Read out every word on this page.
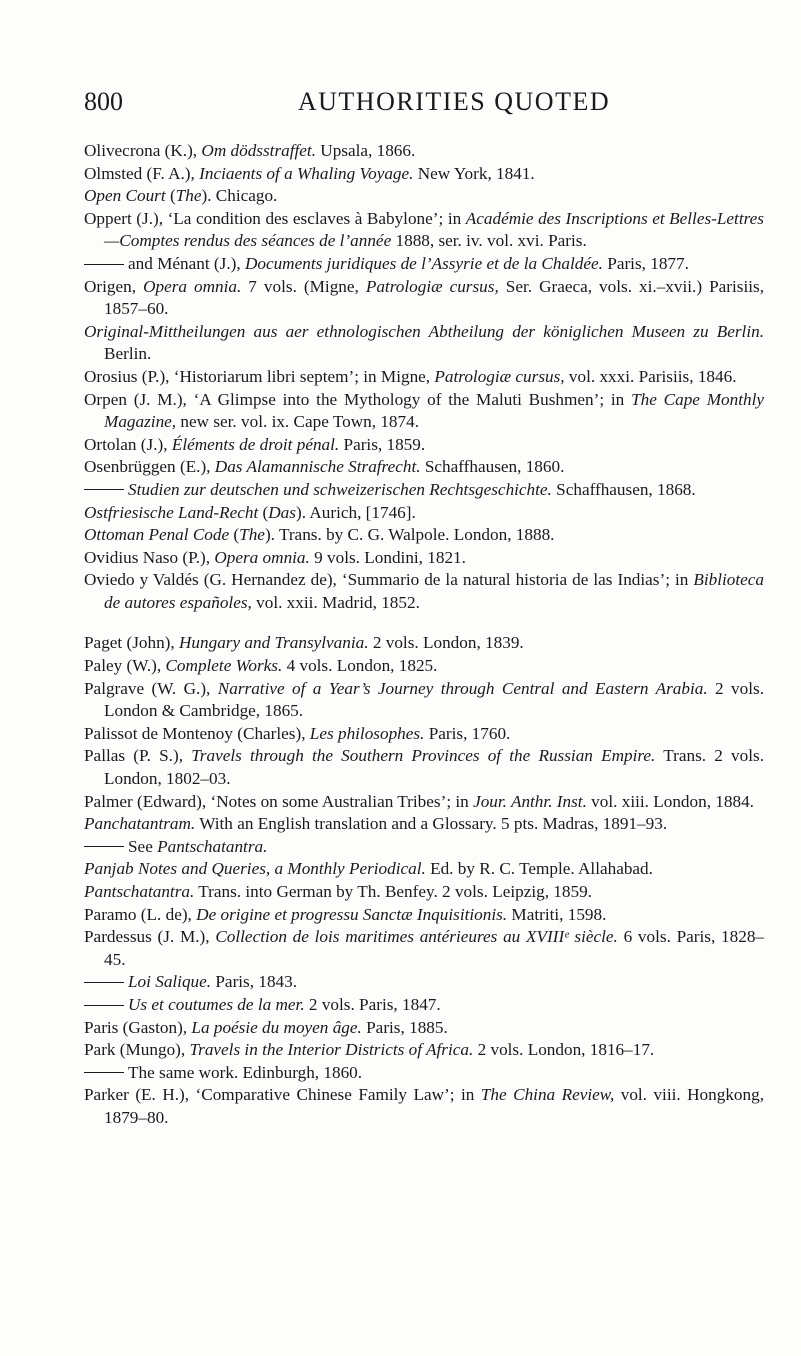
800	AUTHORITIES QUOTED
Olivecrona (K.), Om dödsstraffet. Upsala, 1866.
Olmsted (F. A.), Inciaents of a Whaling Voyage. New York, 1841.
Open Court (The). Chicago.
Oppert (J.), ‘La condition des esclaves à Babylone’; in Académie des Inscriptions et Belles-Lettres—Comptes rendus des séances de l’année 1888, ser. iv. vol. xvi. Paris.
and Ménant (J.), Documents juridiques de l’Assyrie et de la Chaldée. Paris, 1877.
Origen, Opera omnia. 7 vols. (Migne, Patrologiæ cursus, Ser. Graeca, vols. xi.–xvii.) Parisiis, 1857–60.
Original-Mittheilungen aus aer ethnologischen Abtheilung der königlichen Museen zu Berlin. Berlin.
Orosius (P.), ‘Historiarum libri septem’; in Migne, Patrologiæ cursus, vol. xxxi. Parisiis, 1846.
Orpen (J. M.), ‘A Glimpse into the Mythology of the Maluti Bushmen’; in The Cape Monthly Magazine, new ser. vol. ix. Cape Town, 1874.
Ortolan (J.), Éléments de droit pénal. Paris, 1859.
Osenbrüggen (E.), Das Alamannische Strafrecht. Schaffhausen, 1860.
Studien zur deutschen und schweizerischen Rechtsgeschichte. Schaffhausen, 1868.
Ostfriesische Land-Recht (Das). Aurich, [1746].
Ottoman Penal Code (The). Trans. by C. G. Walpole. London, 1888.
Ovidius Naso (P.), Opera omnia. 9 vols. Londini, 1821.
Oviedo y Valdés (G. Hernandez de), ‘Summario de la natural historia de las Indias’; in Biblioteca de autores españoles, vol. xxii. Madrid, 1852.
Paget (John), Hungary and Transylvania. 2 vols. London, 1839.
Paley (W.), Complete Works. 4 vols. London, 1825.
Palgrave (W. G.), Narrative of a Year’s Journey through Central and Eastern Arabia. 2 vols. London & Cambridge, 1865.
Palissot de Montenoy (Charles), Les philosophes. Paris, 1760.
Pallas (P. S.), Travels through the Southern Provinces of the Russian Empire. Trans. 2 vols. London, 1802–03.
Palmer (Edward), ‘Notes on some Australian Tribes’; in Jour. Anthr. Inst. vol. xiii. London, 1884.
Panchatantram. With an English translation and a Glossary. 5 pts. Madras, 1891–93.
See Pantschatantra.
Panjab Notes and Queries, a Monthly Periodical. Ed. by R. C. Temple. Allahabad.
Pantschatantra. Trans. into German by Th. Benfey. 2 vols. Leipzig, 1859.
Paramo (L. de), De origine et progressu Sanctæ Inquisitionis. Matriti, 1598.
Pardessus (J. M.), Collection de lois maritimes antérieures au XVIIIᵉ siècle. 6 vols. Paris, 1828–45.
Loi Salique. Paris, 1843.
Us et coutumes de la mer. 2 vols. Paris, 1847.
Paris (Gaston), La poésie du moyen âge. Paris, 1885.
Park (Mungo), Travels in the Interior Districts of Africa. 2 vols. London, 1816–17.
The same work. Edinburgh, 1860.
Parker (E. H.), ‘Comparative Chinese Family Law’; in The China Review, vol. viii. Hongkong, 1879–80.
